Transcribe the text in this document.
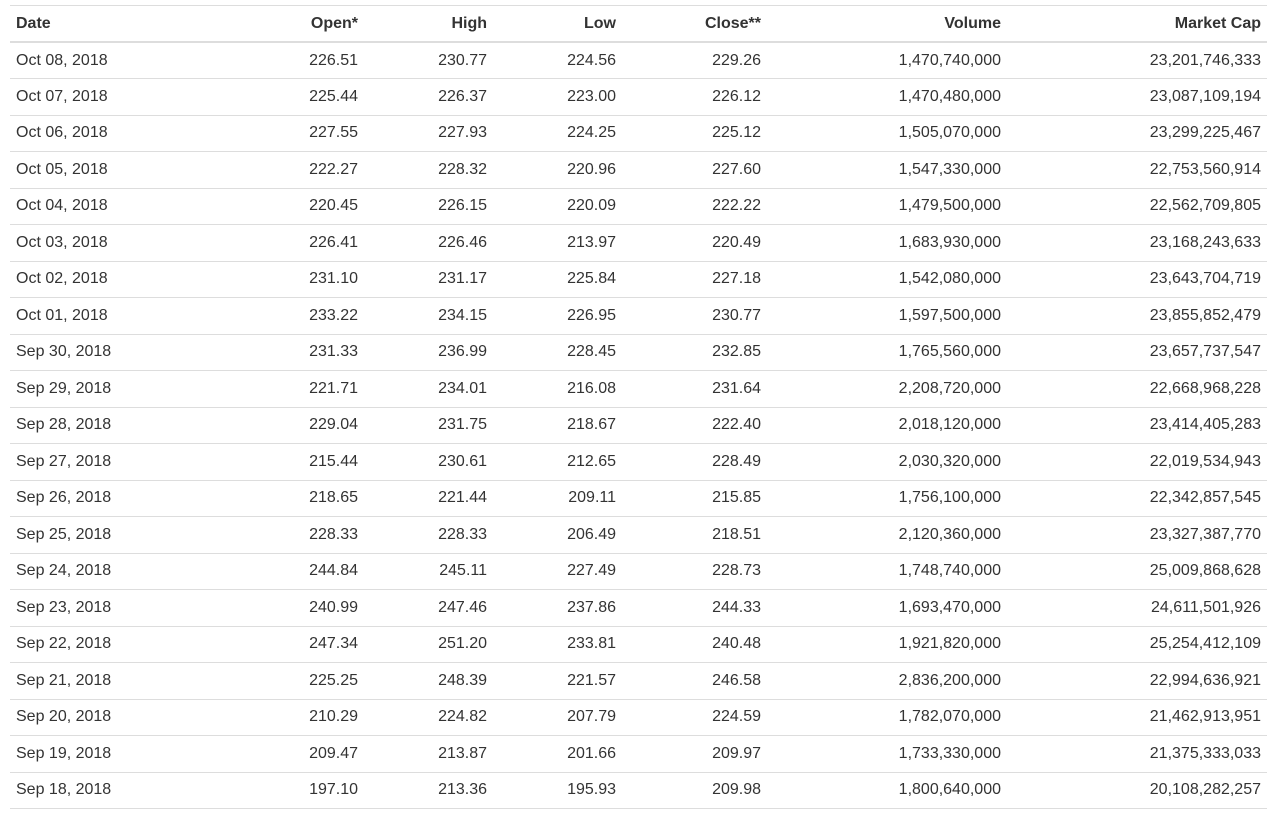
Date	Open*	High	Low	Close**	Volume	Market Cap
Oct 08, 2018	226.51	230.77	224.56	229.26	1,470,740,000	23,201,746,333
Oct 07, 2018	225.44	226.37	223.00	226.12	1,470,480,000	23,087,109,194
Oct 06, 2018	227.55	227.93	224.25	225.12	1,505,070,000	23,299,225,467
Oct 05, 2018	222.27	228.32	220.96	227.60	1,547,330,000	22,753,560,914
Oct 04, 2018	220.45	226.15	220.09	222.22	1,479,500,000	22,562,709,805
Oct 03, 2018	226.41	226.46	213.97	220.49	1,683,930,000	23,168,243,633
Oct 02, 2018	231.10	231.17	225.84	227.18	1,542,080,000	23,643,704,719
Oct 01, 2018	233.22	234.15	226.95	230.77	1,597,500,000	23,855,852,479
Sep 30, 2018	231.33	236.99	228.45	232.85	1,765,560,000	23,657,737,547
Sep 29, 2018	221.71	234.01	216.08	231.64	2,208,720,000	22,668,968,228
Sep 28, 2018	229.04	231.75	218.67	222.40	2,018,120,000	23,414,405,283
Sep 27, 2018	215.44	230.61	212.65	228.49	2,030,320,000	22,019,534,943
Sep 26, 2018	218.65	221.44	209.11	215.85	1,756,100,000	22,342,857,545
Sep 25, 2018	228.33	228.33	206.49	218.51	2,120,360,000	23,327,387,770
Sep 24, 2018	244.84	245.11	227.49	228.73	1,748,740,000	25,009,868,628
Sep 23, 2018	240.99	247.46	237.86	244.33	1,693,470,000	24,611,501,926
Sep 22, 2018	247.34	251.20	233.81	240.48	1,921,820,000	25,254,412,109
Sep 21, 2018	225.25	248.39	221.57	246.58	2,836,200,000	22,994,636,921
Sep 20, 2018	210.29	224.82	207.79	224.59	1,782,070,000	21,462,913,951
Sep 19, 2018	209.47	213.87	201.66	209.97	1,733,330,000	21,375,333,033
Sep 18, 2018	197.10	213.36	195.93	209.98	1,800,640,000	20,108,282,257
